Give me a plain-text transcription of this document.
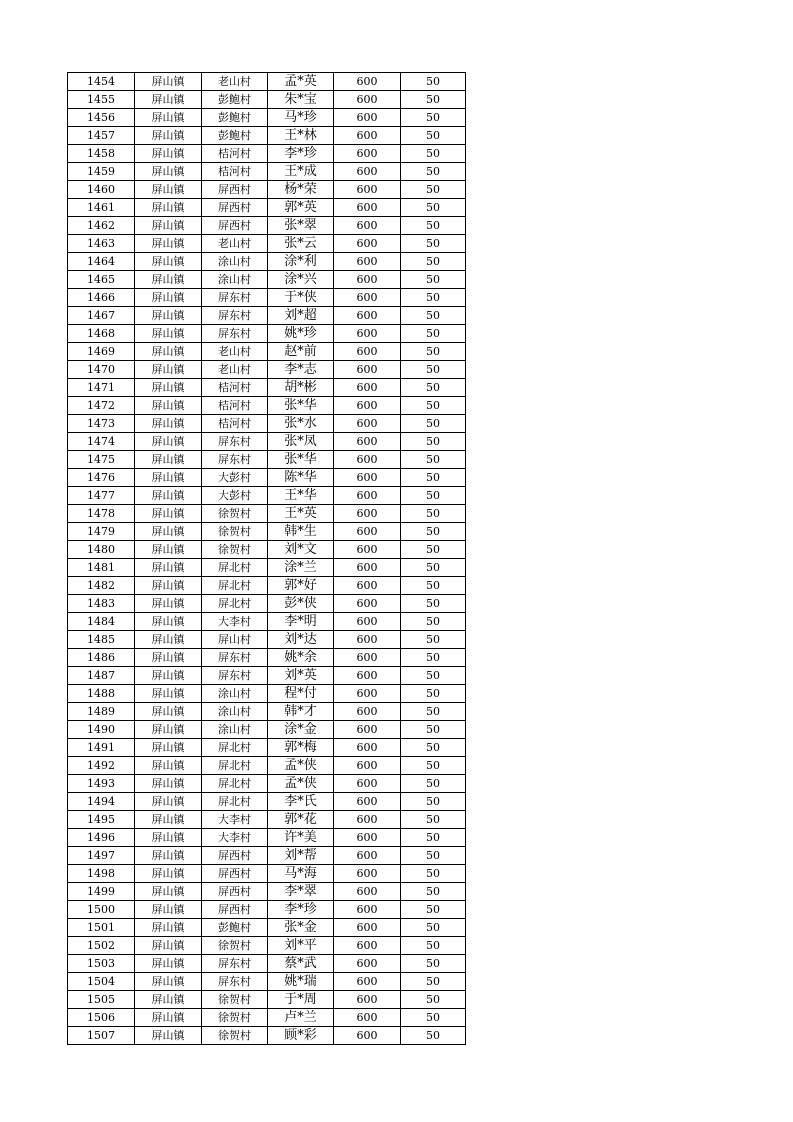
1454	屏山镇	老山村	孟*英	600	50
1455	屏山镇	彭鲍村	朱*宝	600	50
1456	屏山镇	彭鲍村	马*珍	600	50
1457	屏山镇	彭鲍村	王*林	600	50
1458	屏山镇	桔河村	李*珍	600	50
1459	屏山镇	桔河村	王*成	600	50
1460	屏山镇	屏西村	杨*荣	600	50
1461	屏山镇	屏西村	郭*英	600	50
1462	屏山镇	屏西村	张*翠	600	50
1463	屏山镇	老山村	张*云	600	50
1464	屏山镇	涂山村	涂*利	600	50
1465	屏山镇	涂山村	涂*兴	600	50
1466	屏山镇	屏东村	于*侠	600	50
1467	屏山镇	屏东村	刘*超	600	50
1468	屏山镇	屏东村	姚*珍	600	50
1469	屏山镇	老山村	赵*前	600	50
1470	屏山镇	老山村	李*志	600	50
1471	屏山镇	桔河村	胡*彬	600	50
1472	屏山镇	桔河村	张*华	600	50
1473	屏山镇	桔河村	张*水	600	50
1474	屏山镇	屏东村	张*凤	600	50
1475	屏山镇	屏东村	张*华	600	50
1476	屏山镇	大彭村	陈*华	600	50
1477	屏山镇	大彭村	王*华	600	50
1478	屏山镇	徐贺村	王*英	600	50
1479	屏山镇	徐贺村	韩*生	600	50
1480	屏山镇	徐贺村	刘*文	600	50
1481	屏山镇	屏北村	涂*兰	600	50
1482	屏山镇	屏北村	郭*好	600	50
1483	屏山镇	屏北村	彭*侠	600	50
1484	屏山镇	大李村	李*明	600	50
1485	屏山镇	屏山村	刘*达	600	50
1486	屏山镇	屏东村	姚*余	600	50
1487	屏山镇	屏东村	刘*英	600	50
1488	屏山镇	涂山村	程*付	600	50
1489	屏山镇	涂山村	韩*才	600	50
1490	屏山镇	涂山村	涂*金	600	50
1491	屏山镇	屏北村	郭*梅	600	50
1492	屏山镇	屏北村	孟*侠	600	50
1493	屏山镇	屏北村	孟*侠	600	50
1494	屏山镇	屏北村	李*氏	600	50
1495	屏山镇	大李村	郭*花	600	50
1496	屏山镇	大李村	许*美	600	50
1497	屏山镇	屏西村	刘*帮	600	50
1498	屏山镇	屏西村	马*海	600	50
1499	屏山镇	屏西村	李*翠	600	50
1500	屏山镇	屏西村	李*珍	600	50
1501	屏山镇	彭鲍村	张*金	600	50
1502	屏山镇	徐贺村	刘*平	600	50
1503	屏山镇	屏东村	蔡*武	600	50
1504	屏山镇	屏东村	姚*瑞	600	50
1505	屏山镇	徐贺村	于*周	600	50
1506	屏山镇	徐贺村	卢*兰	600	50
1507	屏山镇	徐贺村	顾*彩	600	50
